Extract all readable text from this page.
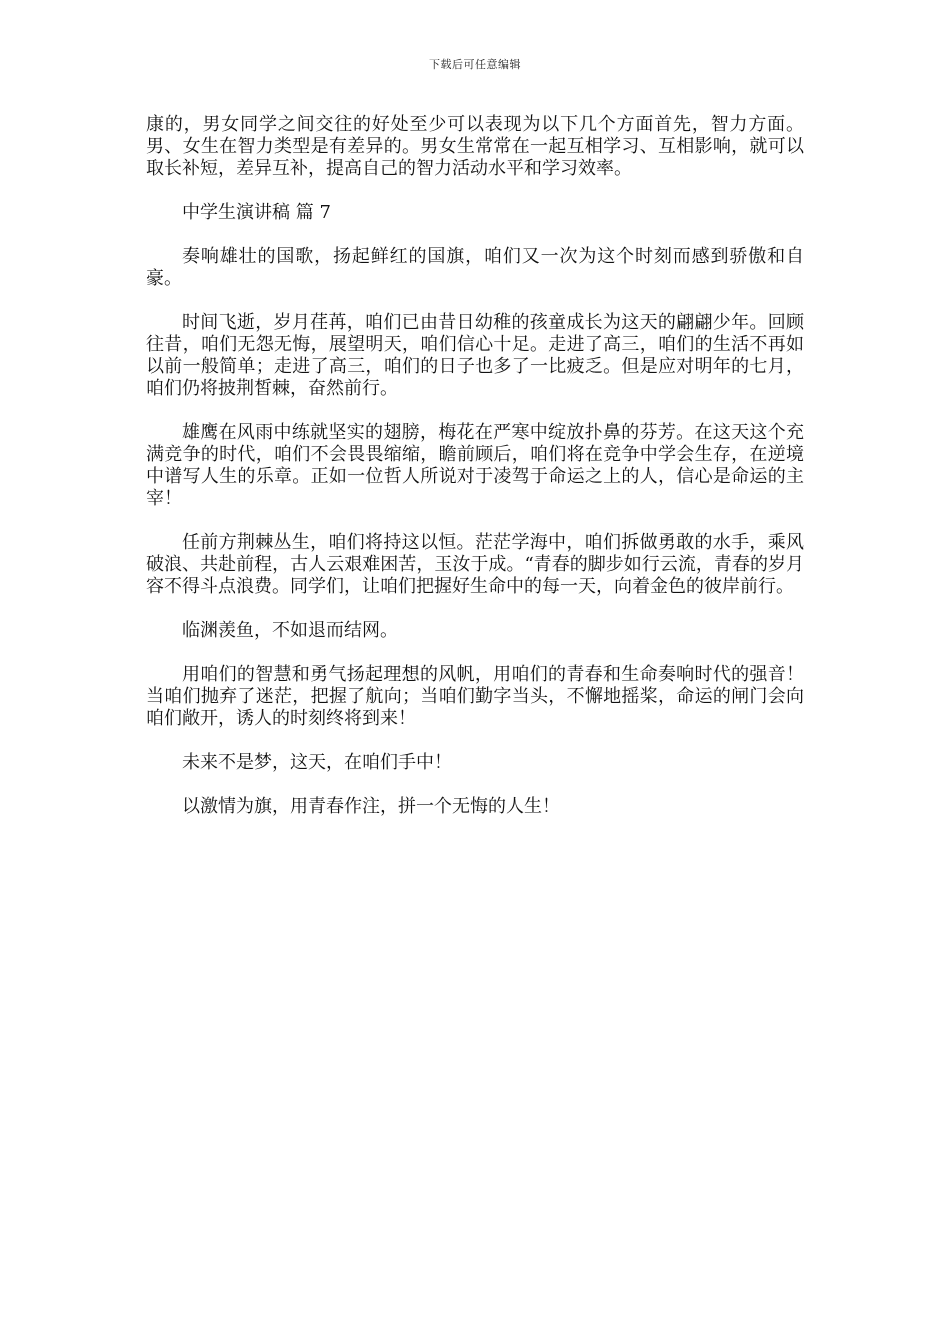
下载后可任意编辑

康的，男女同学之间交往的好处至少可以表现为以下几个方面首先，智力方面。男、女生在智力类型是有差异的。男女生常常在一起互相学习、互相影响，就可以取长补短，差异互补，提高自己的智力活动水平和学习效率。

中学生演讲稿 篇 7

奏响雄壮的国歌，扬起鲜红的国旗，咱们又一次为这个时刻而感到骄傲和自豪。

时间飞逝，岁月荏苒，咱们已由昔日幼稚的孩童成长为这天的翩翩少年。回顾往昔，咱们无怨无悔，展望明天，咱们信心十足。走进了高三，咱们的生活不再如以前一般简单；走进了高三，咱们的日子也多了一比疲乏。但是应对明年的七月，咱们仍将披荆皙棘，奋然前行。

雄鹰在风雨中练就坚实的翅膀，梅花在严寒中绽放扑鼻的芬芳。在这天这个充满竞争的时代，咱们不会畏畏缩缩，瞻前顾后，咱们将在竞争中学会生存，在逆境中谱写人生的乐章。正如一位哲人所说对于凌驾于命运之上的人，信心是命运的主宰！

任前方荆棘丛生，咱们将持这以恒。茫茫学海中，咱们拆做勇敢的水手，乘风破浪、共赴前程，古人云艰难困苦，玉汝于成。“青春的脚步如行云流，青春的岁月容不得斗点浪费。同学们，让咱们把握好生命中的每一天，向着金色的彼岸前行。

临渊羡鱼，不如退而结网。

用咱们的智慧和勇气扬起理想的风帆，用咱们的青春和生命奏响时代的强音！当咱们抛弃了迷茫，把握了航向；当咱们勤字当头，不懈地摇桨，命运的闸门会向咱们敞开，诱人的时刻终将到来！

未来不是梦，这天，在咱们手中！

以激情为旗，用青春作注，拼一个无悔的人生！
